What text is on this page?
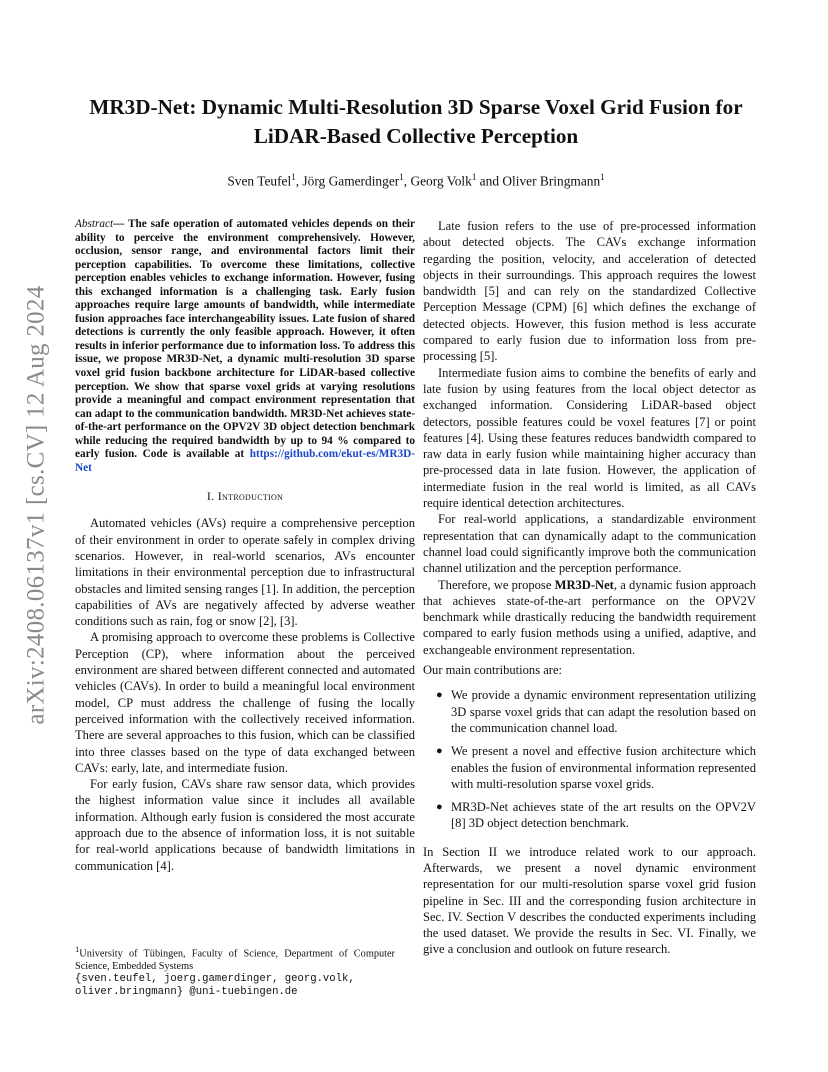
arXiv:2408.06137v1 [cs.CV] 12 Aug 2024
MR3D-Net: Dynamic Multi-Resolution 3D Sparse Voxel Grid Fusion for
LiDAR-Based Collective Perception
Sven Teufel$^1$, Jörg Gamerdinger$^1$, Georg Volk$^1$ and Oliver Bringmann$^1$

Abstract— The safe operation of automated vehicles depends on their ability to perceive the environment comprehensively. However, occlusion, sensor range, and environmental factors limit their perception capabilities. To overcome these limitations, collective perception enables vehicles to exchange information. However, fusing this exchanged information is a challenging task. Early fusion approaches require large amounts of bandwidth, while intermediate fusion approaches face interchangeability issues. Late fusion of shared detections is currently the only feasible approach. However, it often results in inferior performance due to information loss. To address this issue, we propose MR3D-Net, a dynamic multi-resolution 3D sparse voxel grid fusion backbone architecture for LiDAR-based collective perception. We show that sparse voxel grids at varying resolutions provide a meaningful and compact environment representation that can adapt to the communication bandwidth. MR3D-Net achieves state-of-the-art performance on the OPV2V 3D object detection benchmark while reducing the required bandwidth by up to 94 % compared to early fusion. Code is available at https://github.com/ekut-es/MR3D-Net

I. Introduction

Automated vehicles (AVs) require a comprehensive perception of their environment in order to operate safely in complex driving scenarios. However, in real-world scenarios, AVs encounter limitations in their environmental perception due to infrastructural obstacles and limited sensing ranges [1]. In addition, the perception capabilities of AVs are negatively affected by adverse weather conditions such as rain, fog or snow [2], [3].

A promising approach to overcome these problems is Collective Perception (CP), where information about the perceived environment are shared between different connected and automated vehicles (CAVs). In order to build a meaningful local environment model, CP must address the challenge of fusing the locally perceived information with the collectively received information. There are several approaches to this fusion, which can be classified into three classes based on the type of data exchanged between CAVs: early, late, and intermediate fusion.

For early fusion, CAVs share raw sensor data, which provides the highest information value since it includes all available information. Although early fusion is considered the most accurate approach due to the absence of information loss, it is not suitable for real-world applications because of bandwidth limitations in communication [4].

$^1$University of Tübingen, Faculty of Science, Department of Computer Science, Embedded Systems
{sven.teufel, joerg.gamerdinger, georg.volk, oliver.bringmann} @uni-tuebingen.de

Late fusion refers to the use of pre-processed information about detected objects. The CAVs exchange information regarding the position, velocity, and acceleration of detected objects in their surroundings. This approach requires the lowest bandwidth [5] and can rely on the standardized Collective Perception Message (CPM) [6] which defines the exchange of detected objects. However, this fusion method is less accurate compared to early fusion due to information loss from pre-processing [5].

Intermediate fusion aims to combine the benefits of early and late fusion by using features from the local object detector as exchanged information. Considering LiDAR-based object detectors, possible features could be voxel features [7] or point features [4]. Using these features reduces bandwidth compared to raw data in early fusion while maintaining higher accuracy than pre-processed data in late fusion. However, the application of intermediate fusion in the real world is limited, as all CAVs require identical detection architectures.

For real-world applications, a standardizable environment representation that can dynamically adapt to the communication channel load could significantly improve both the communication channel utilization and the perception performance.

Therefore, we propose MR3D-Net, a dynamic fusion approach that achieves state-of-the-art performance on the OPV2V benchmark while drastically reducing the bandwidth requirement compared to early fusion methods using a unified, adaptive, and exchangeable environment representation.

Our main contributions are:

● We provide a dynamic environment representation utilizing 3D sparse voxel grids that can adapt the resolution based on the communication channel load.
● We present a novel and effective fusion architecture which enables the fusion of environmental information represented with multi-resolution sparse voxel grids.
● MR3D-Net achieves state of the art results on the OPV2V [8] 3D object detection benchmark.

In Section II we introduce related work to our approach. Afterwards, we present a novel dynamic environment representation for our multi-resolution sparse voxel grid fusion pipeline in Sec. III and the corresponding fusion architecture in Sec. IV. Section V describes the conducted experiments including the used dataset. We provide the results in Sec. VI. Finally, we give a conclusion and outlook on future research.
